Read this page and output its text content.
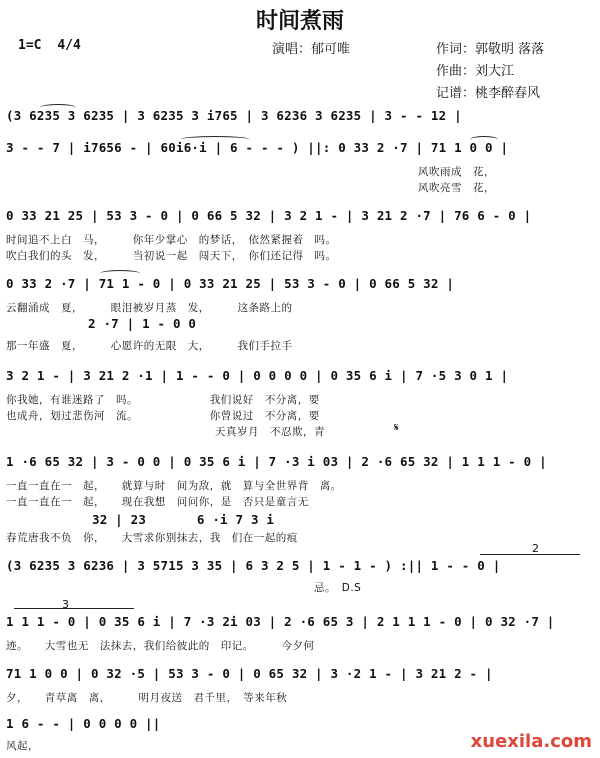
时间煮雨
1=C 4/4	演唱：郁可唯	作词：郭敬明 落落
作曲：刘大江
记谱：桃李醉春风
(3 6235 3 6235 | 3 6235 3 i765 | 3 6236 3 6235 | 3 - - 12 |
3 - - 7 | i7656 - | 60i6·i | 6 - - - ) ||: 0 33 2 ·7 | 71 1 0 0 |
风吹雨成　花，
风吹亮雪　花，
0 33 21 25 | 53 3 - 0 | 0 66 5 32 | 3 2 1 - | 3 21 2 ·7 | 76 6 - 0 |
时间追不上白　马，　　　你年少掌心　的梦话，　依然紧握着　吗。
吹白我们的头　发，　　　当初说一起　闯天下，　你们还记得　吗。
0 33 2 ·7 | 71 1 - 0 | 0 33 21 25 | 53 3 - 0 | 0 66 5 32 |
云翻涌成　夏，　　　眼泪被岁月蒸　发，　　　这条路上的
2 ·7 | 1 - 0 0
那一年盛　夏，　　　心愿许的无限　大，　　　我们手拉手
3 2 1 - | 3 21 2 ·1 | 1 - - 0 | 0 0 0 0 | 0 35 6 i | 7 ·5 3 0 1 |
你我她，有谁迷路了　吗。　　　　　　　我们说好　不分离，要
也成舟，划过悲伤河　流。　　　　　　　你曾说过　不分离，要
　　　　　　　　　　　　　　　　　　　天真岁月　不忍欺，青	𝄋
1 ·6 65 32 | 3 - 0 0 | 0 35 6 i | 7 ·3 i 03 | 2 ·6 65 32 | 1 1 1 - 0 |
一直一直在一　起，　　就算与时　间为敌，就　算与全世界背　离。
一直一直在一　起，　　现在我想　问问你，是　否只是童言无
32 | 23　　　　6 ·i 7 3 i
春荒唐我不负　你，　　大雪求你别抹去，我　们在一起的痕
2
(3 6235 3 6236 | 3 5715 3 35 | 6 3 2 5 | 1 - 1 - ) :|| 1 - - 0 |
　　　　　　　　　　　　　　　　　　　　　　　　　　　　忌。　D.S
3
1 1 1 - 0 | 0 35 6 i | 7 ·3 2i 03 | 2 ·6 65 3 | 2 1 1 1 - 0 | 0 32 ·7 |
迹。　　大雪也无　法抹去，我们给彼此的　印记。　　　今夕何
71 1 0 0 | 0 32 ·5 | 53 3 - 0 | 0 65 32 | 3 ·2 1 - | 3 21 2 - |
夕，　　青草离　离，　　　明月夜送　君千里，　等来年秋
1 6 - - | 0 0 0 0 ||
风起，	xuexila.com
